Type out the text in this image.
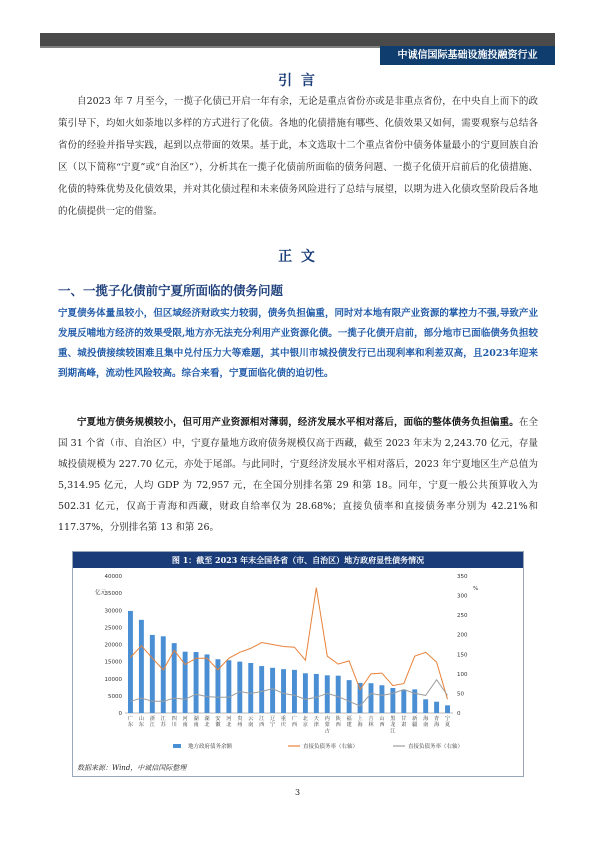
中诚信国际基础设施投融资行业
引 言

自2023 年 7 月至今，一揽子化债已开启一年有余，无论是重点省份亦或是非重点省份，在中央自上而下的政策引导下，均如火如荼地以多样的方式进行了化债。各地的化债措施有哪些、化债效果又如何，需要观察与总结各省份的经验并指导实践，起到以点带面的效果。基于此，本文选取十二个重点省份中债务体量最小的宁夏回族自治区（以下简称“宁夏”或“自治区”），分析其在一揽子化债前所面临的债务问题、一揽子化债开启前后的化债措施、化债的特殊优势及化债效果，并对其化债过程和未来债务风险进行了总结与展望，以期为进入化债攻坚阶段后各地的化债提供一定的借鉴。

正 文

一、一揽子化债前宁夏所面临的债务问题

宁夏债务体量虽较小，但区域经济财政实力较弱，债务负担偏重，同时对本地有限产业资源的掌控力不强,导致产业发展反哺地方经济的效果受限,地方亦无法充分利用产业资源化债。一揽子化债开启前，部分地市已面临债务负担较重、城投债接续较困难且集中兑付压力大等难题，其中银川市城投债发行已出现利率和利差双高，且2023年迎来到期高峰，流动性风险较高。综合来看，宁夏面临化债的迫切性。

宁夏地方债务规模较小，但可用产业资源相对薄弱，经济发展水平相对落后，面临的整体债务负担偏重。在全国 31 个省（市、自治区）中，宁夏存量地方政府债务规模仅高于西藏，截至 2023 年末为 2,243.70 亿元，存量城投债规模为 227.70 亿元，亦处于尾部。与此同时，宁夏经济发展水平相对落后，2023 年宁夏地区生产总值为 5,314.95 亿元，人均 GDP 为 72,957 元，在全国分别排名第 29 和第 18。同年，宁夏一般公共预算收入为 502.31 亿元，仅高于青海和西藏，财政自给率仅为 28.68%；直接负债率和直接债务率分别为 42.21%和 117.37%，分别排名第 13 和第 26。

图 1：截至 2023 年末全国各省（市、自治区）地方政府显性债务情况
0
5000
10000
15000
20000
25000
30000
35000
40000
0
50
100
150
200
250
300
350
亿元
%
广
东
山
东
浙
江
江
苏
四
川
河
南
湖
南
湖
北
安
徽
河
北
贵
州
云
南
江
西
辽
宁
重
庆
广
西
北
京
天
津
内
蒙
古
陕
西
福
建
上
海
吉
林
山
西
黑
龙
江
甘
肃
新
疆
海
南
青
海
宁
夏
地方政府债务余额	直接负债务率（右轴）	直接负债务率（右轴）
数据来源：Wind，中诚信国际整理
3
